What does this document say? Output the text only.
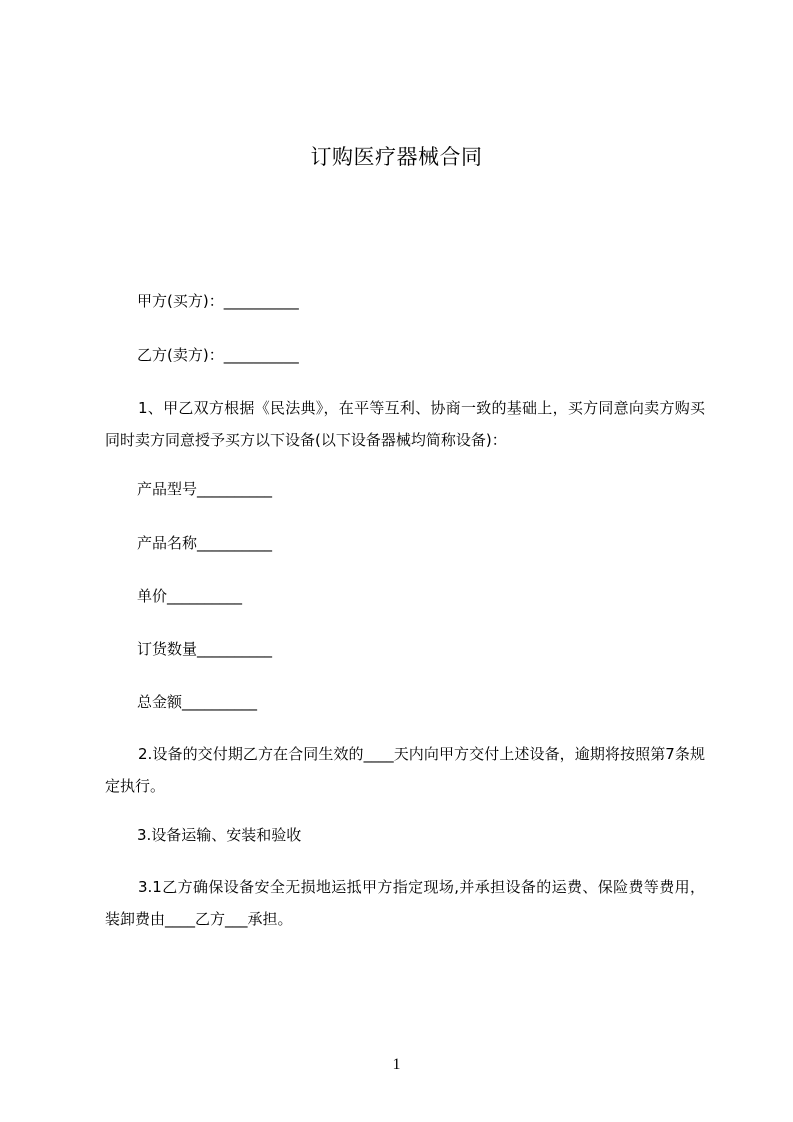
订购医疗器械合同
甲方(买方)：__________
乙方(卖方)：__________
1、甲乙双方根据《民法典》，在平等互利、协商一致的基础上，买方同意向卖方购买同时卖方同意授予买方以下设备(以下设备器械均简称设备)：
产品型号__________
产品名称__________
单价__________
订货数量__________
总金额__________
2.设备的交付期乙方在合同生效的____天内向甲方交付上述设备，逾期将按照第7条规定执行。
3.设备运输、安装和验收
3.1乙方确保设备安全无损地运抵甲方指定现场,并承担设备的运费、保险费等费用，装卸费由____乙方___承担。
1
